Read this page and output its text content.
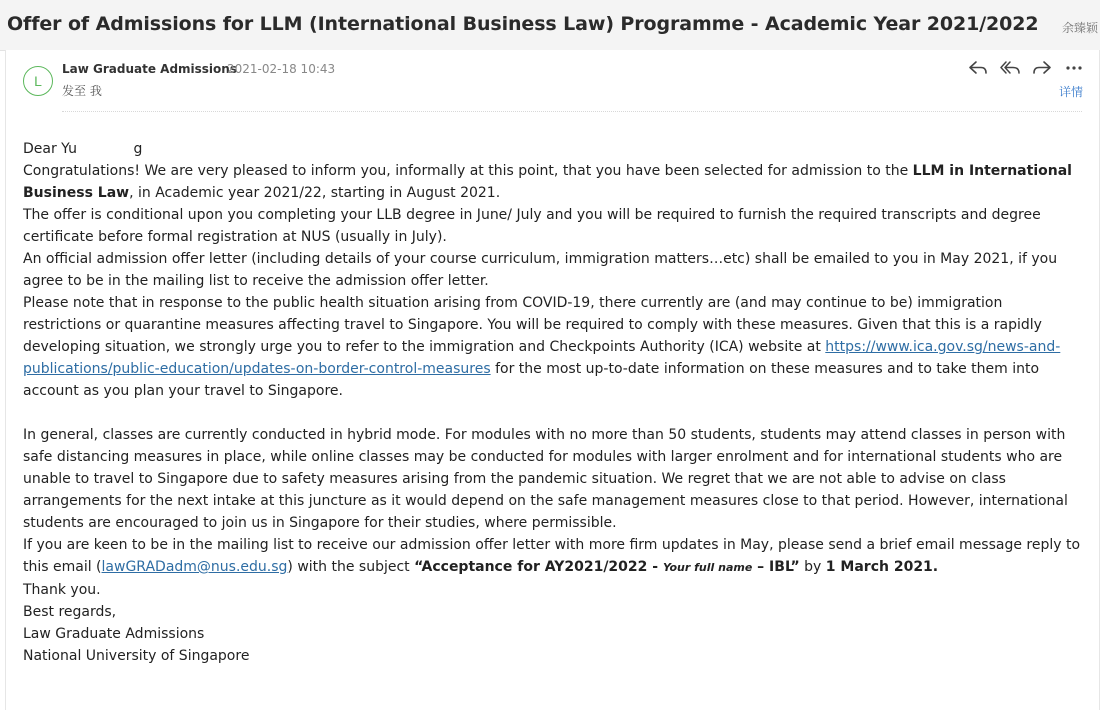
Offer of Admissions for LLM (International Business Law) Programme - Academic Year 2021/2022 余臻颖
L
Law Graduate Admissions
2021-02-18 10:43
发至 我	详情

Dear Yu	g

Congratulations! We are very pleased to inform you, informally at this point, that you have been selected for admission to the LLM in International Business Law, in Academic year 2021/22, starting in August 2021.

The offer is conditional upon you completing your LLB degree in June/ July and you will be required to furnish the required transcripts and degree certificate before formal registration at NUS (usually in July).

An official admission offer letter (including details of your course curriculum, immigration matters…etc) shall be emailed to you in May 2021, if you agree to be in the mailing list to receive the admission offer letter.

Please note that in response to the public health situation arising from COVID-19, there currently are (and may continue to be) immigration restrictions or quarantine measures affecting travel to Singapore. You will be required to comply with these measures. Given that this is a rapidly developing situation, we strongly urge you to refer to the immigration and Checkpoints Authority (ICA) website at https://www.ica.gov.sg/news-and-publications/public-education/updates-on-border-control-measures for the most up-to-date information on these measures and to take them into account as you plan your travel to Singapore.

In general, classes are currently conducted in hybrid mode. For modules with no more than 50 students, students may attend classes in person with safe distancing measures in place, while online classes may be conducted for modules with larger enrolment and for international students who are unable to travel to Singapore due to safety measures arising from the pandemic situation. We regret that we are not able to advise on class arrangements for the next intake at this juncture as it would depend on the safe management measures close to that period. However, international students are encouraged to join us in Singapore for their studies, where permissible.

If you are keen to be in the mailing list to receive our admission offer letter with more firm updates in May, please send a brief email message reply to this email (lawGRADadm@nus.edu.sg) with the subject “Acceptance for AY2021/2022 - Your full name – IBL” by 1 March 2021.

Thank you.

Best regards,

Law Graduate Admissions

National University of Singapore
